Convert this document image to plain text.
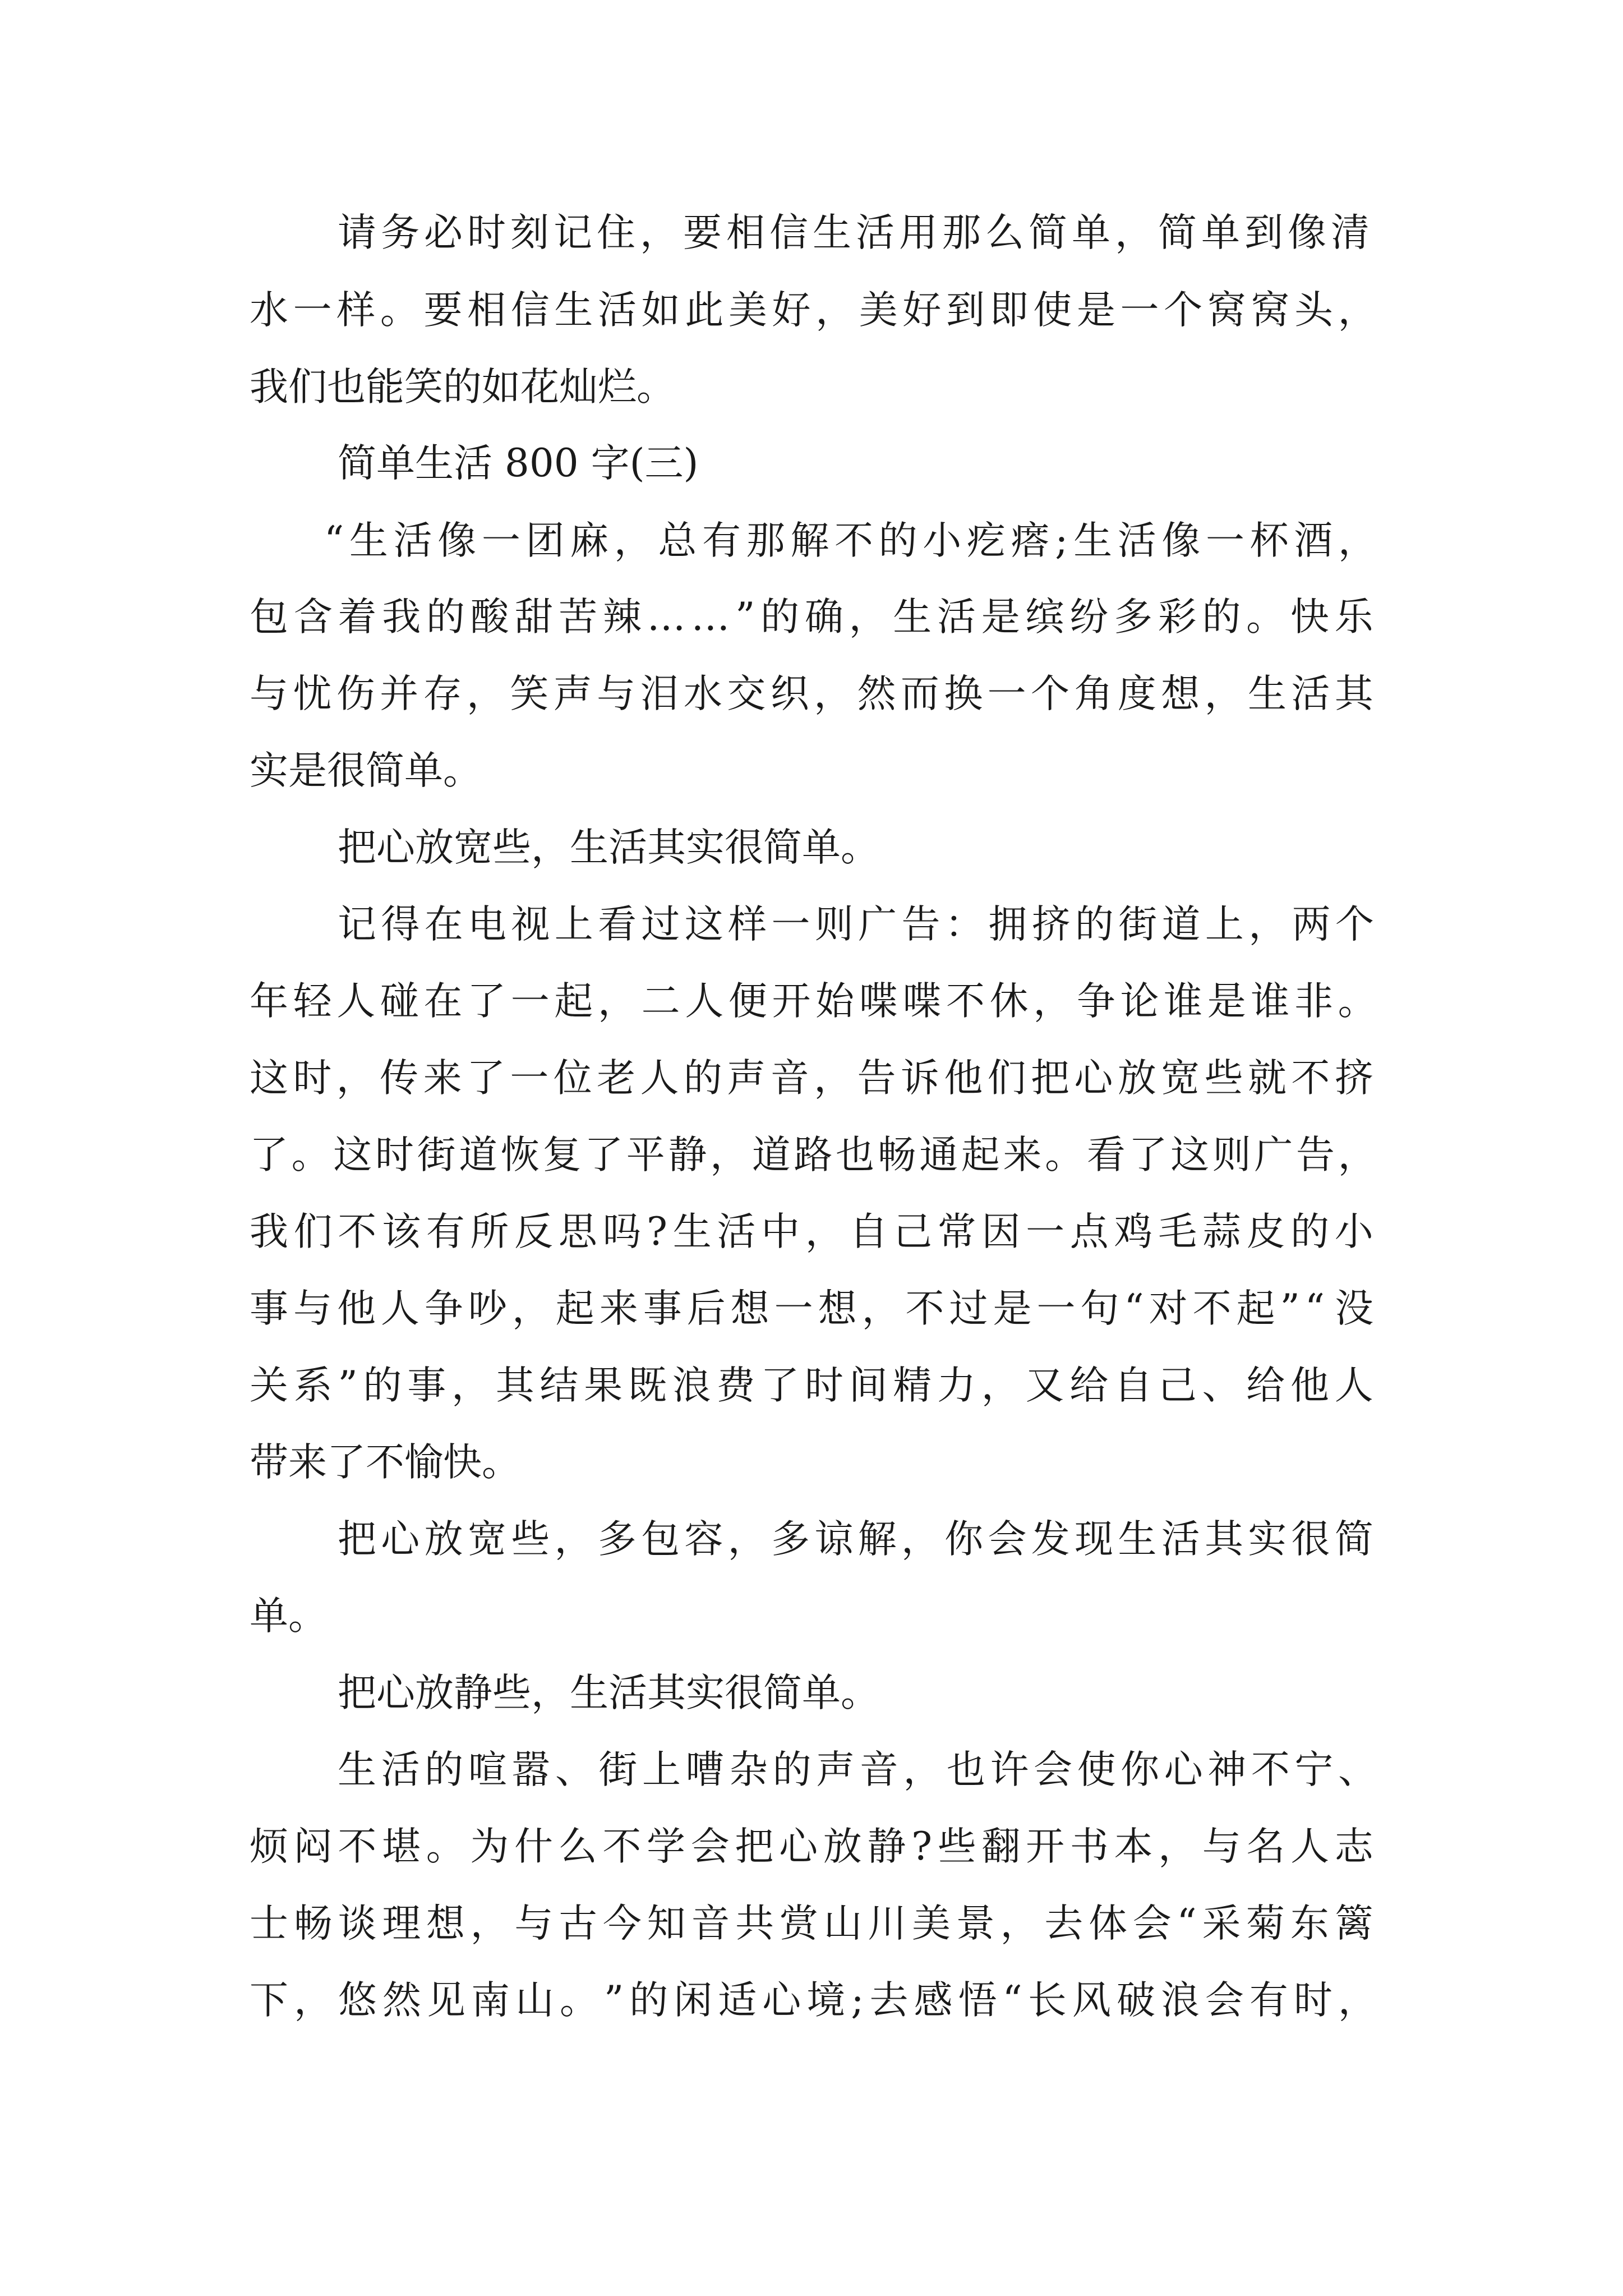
请 务 必 时 刻 记 住 ， 要 相 信 生 活 用 那 么 简 单 ， 简 单 到 像 清
水 一 样 。 要 相 信 生 活 如 此 美 好 ， 美 好 到 即 使 是 一 个 窝 窝 头 ，
我们也能笑的如花灿烂。
简单生活 800 字(三)
“ 生 活 像 一 团 麻 ， 总 有 那 解 不 的 小 疙 瘩 ; 生 活 像 一 杯 酒 ，
包 含 着 我 的 酸 甜 苦 辣 … … ” 的 确 ， 生 活 是 缤 纷 多 彩 的 。 快 乐
与 忧 伤 并 存 ， 笑 声 与 泪 水 交 织 ， 然 而 换 一 个 角 度 想 ， 生 活 其
实是很简单。
把心放宽些，生活其实很简单。
记 得 在 电 视 上 看 过 这 样 一 则 广 告 ： 拥 挤 的 街 道 上 ， 两 个
年 轻 人 碰 在 了 一 起 ， 二 人 便 开 始 喋 喋 不 休 ， 争 论 谁 是 谁 非 。
这 时 ， 传 来 了 一 位 老 人 的 声 音 ， 告 诉 他 们 把 心 放 宽 些 就 不 挤
了 。 这 时 街 道 恢 复 了 平 静 ， 道 路 也 畅 通 起 来 。 看 了 这 则 广 告 ，
我 们 不 该 有 所 反 思 吗 ? 生 活 中 ， 自 己 常 因 一 点 鸡 毛 蒜 皮 的 小
事 与 他 人 争 吵 ， 起 来 事 后 想 一 想 ， 不 过 是 一 句 “ 对 不 起 ” “ 没
关 系 ” 的 事 ， 其 结 果 既 浪 费 了 时 间 精 力 ， 又 给 自 己 、 给 他 人
带来了不愉快。
把 心 放 宽 些 ， 多 包 容 ， 多 谅 解 ， 你 会 发 现 生 活 其 实 很 简
单。
把心放静些，生活其实很简单。
生 活 的 喧 嚣 、 街 上 嘈 杂 的 声 音 ， 也 许 会 使 你 心 神 不 宁 、
烦 闷 不 堪 。 为 什 么 不 学 会 把 心 放 静 ? 些 翻 开 书 本 ， 与 名 人 志
士 畅 谈 理 想 ， 与 古 今 知 音 共 赏 山 川 美 景 ， 去 体 会 “ 采 菊 东 篱
下 ， 悠 然 见 南 山 。 ” 的 闲 适 心 境 ; 去 感 悟 “ 长 风 破 浪 会 有 时 ，
